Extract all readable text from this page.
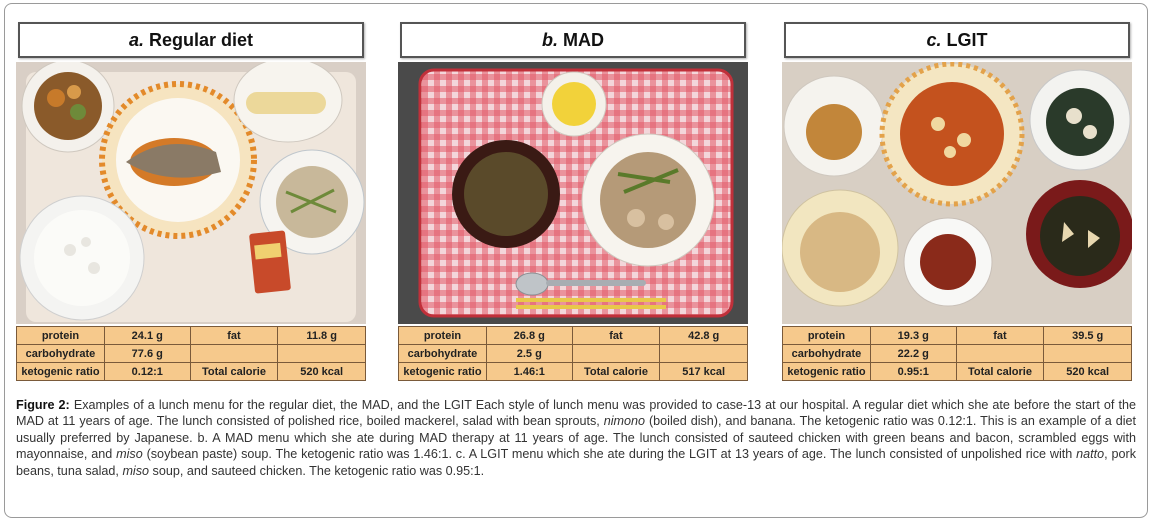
a. Regular diet
protein	24.1 g	fat	11.8 g
carbohydrate	77.6 g		
ketogenic ratio	0.12:1	Total calorie	520 kcal
b. MAD
protein	26.8 g	fat	42.8 g
carbohydrate	2.5 g		
ketogenic ratio	1.46:1	Total calorie	517 kcal
c. LGIT
protein	19.3 g	fat	39.5 g
carbohydrate	22.2 g		
ketogenic ratio	0.95:1	Total calorie	520 kcal

Figure 2: Examples of a lunch menu for the regular diet, the MAD, and the LGIT Each style of lunch menu was provided to case-13 at our hospital. A regular diet which she ate before the start of the MAD at 11 years of age. The lunch consisted of polished rice, boiled mackerel, salad with bean sprouts, nimono (boiled dish), and banana. The ketogenic ratio was 0.12:1. This is an example of a diet usually preferred by Japanese. b. A MAD menu which she ate during MAD therapy at 11 years of age. The lunch consisted of sauteed chicken with green beans and bacon, scrambled eggs with mayonnaise, and miso (soybean paste) soup. The ketogenic ratio was 1.46:1. c. A LGIT menu which she ate during the LGIT at 13 years of age. The lunch consisted of unpolished rice with natto, pork beans, tuna salad, miso soup, and sauteed chicken. The ketogenic ratio was 0.95:1.
